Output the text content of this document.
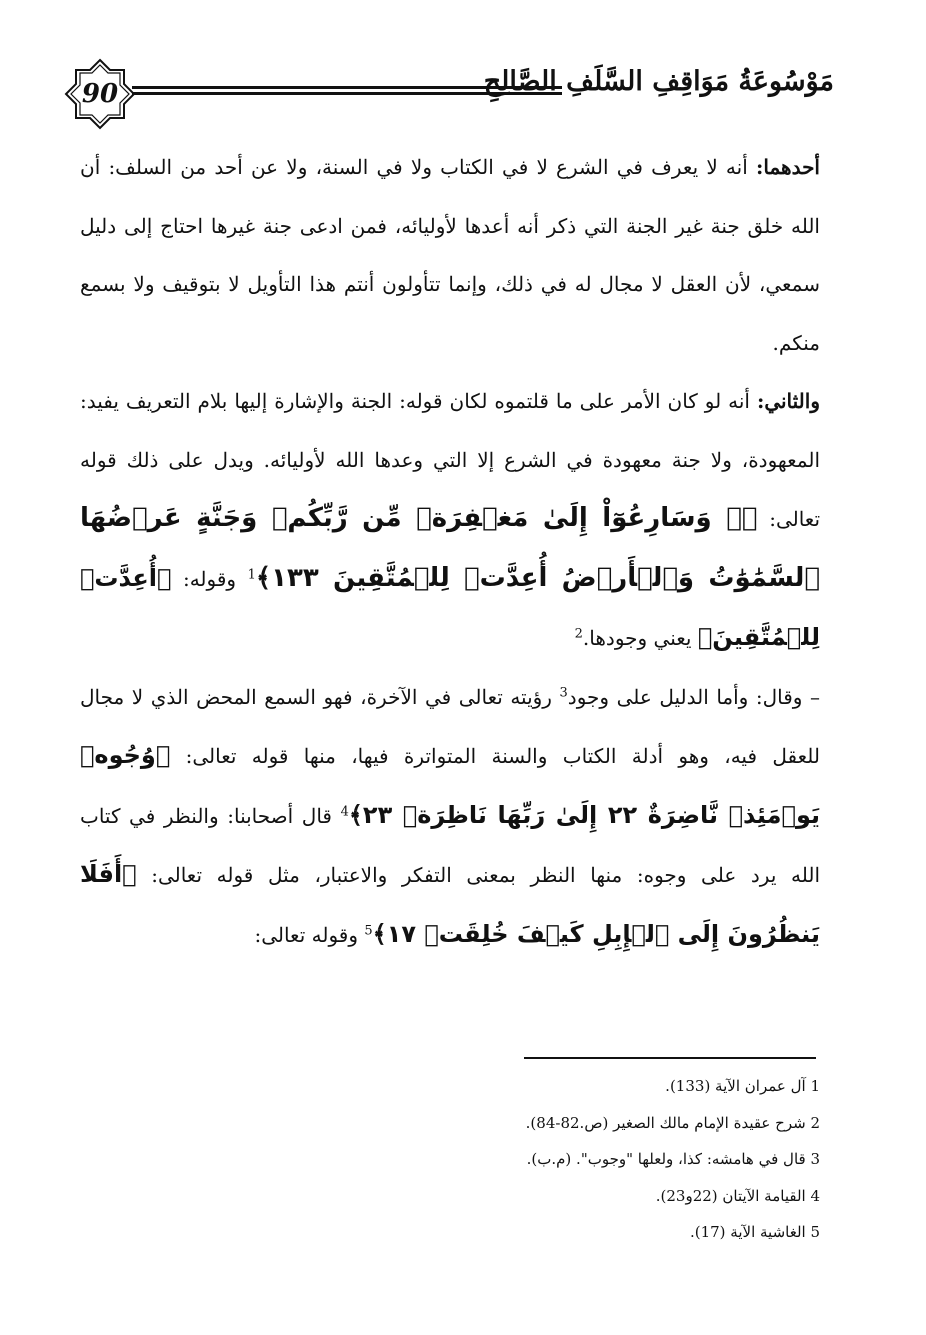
90	مَوْسُوعَةُ مَوَاقِفِ السَّلَفِ الصَّالِحِ

أحدهما: أنه لا يعرف في الشرع لا في الكتاب ولا في السنة، ولا عن أحد من السلف: أن الله خلق جنة غير الجنة التي ذكر أنه أعدها لأوليائه، فمن ادعى جنة غيرها احتاج إلى دليل سمعي، لأن العقل لا مجال له في ذلك، وإنما تتأولون أنتم هذا التأويل لا بتوقيف ولا بسمع منكم.

والثاني: أنه لو كان الأمر على ما قلتموه لكان قوله: الجنة والإشارة إليها بلام التعريف يفيد: المعهودة، ولا جنة معهودة في الشرع إلا التي وعدها الله لأوليائه. ويدل على ذلك قوله تعالى: ﴿۞ وَسَارِعُوٓاْ إِلَىٰ مَغۡفِرَةٖ مِّن رَّبِّكُمۡ وَجَنَّةٍ عَرۡضُهَا ٱلسَّمَٰوَٰتُ وَٱلۡأَرۡضُ أُعِدَّتۡ لِلۡمُتَّقِينَ ١٣٣﴾$^1$ وقوله: ﴿أُعِدَّتۡ لِلۡمُتَّقِينَ﴾ يعني وجودها.$^2$

– وقال: وأما الدليل على وجود$^3$ رؤيته تعالى في الآخرة، فهو السمع المحض الذي لا مجال للعقل فيه، وهو أدلة الكتاب والسنة المتواترة فيها، منها قوله تعالى: ﴿وُجُوهٞ يَوۡمَئِذٖ نَّاضِرَةٌ ٢٢ إِلَىٰ رَبِّهَا نَاظِرَةٞ ٢٣﴾$^4$ قال أصحابنا: والنظر في كتاب الله يرد على وجوه: منها النظر بمعنى التفكر والاعتبار، مثل قوله تعالى: ﴿أَفَلَا يَنظُرُونَ إِلَى ٱلۡإِبِلِ كَيۡفَ خُلِقَتۡ ١٧﴾$^5$ وقوله تعالى:

1 آل عمران الآية (133).

2 شرح عقيدة الإمام مالك الصغير (ص.82-84).

3 قال في هامشه: كذا، ولعلها "وجوب". (م.ب).

4 القيامة الآيتان (22و23).

5 الغاشية الآية (17).
